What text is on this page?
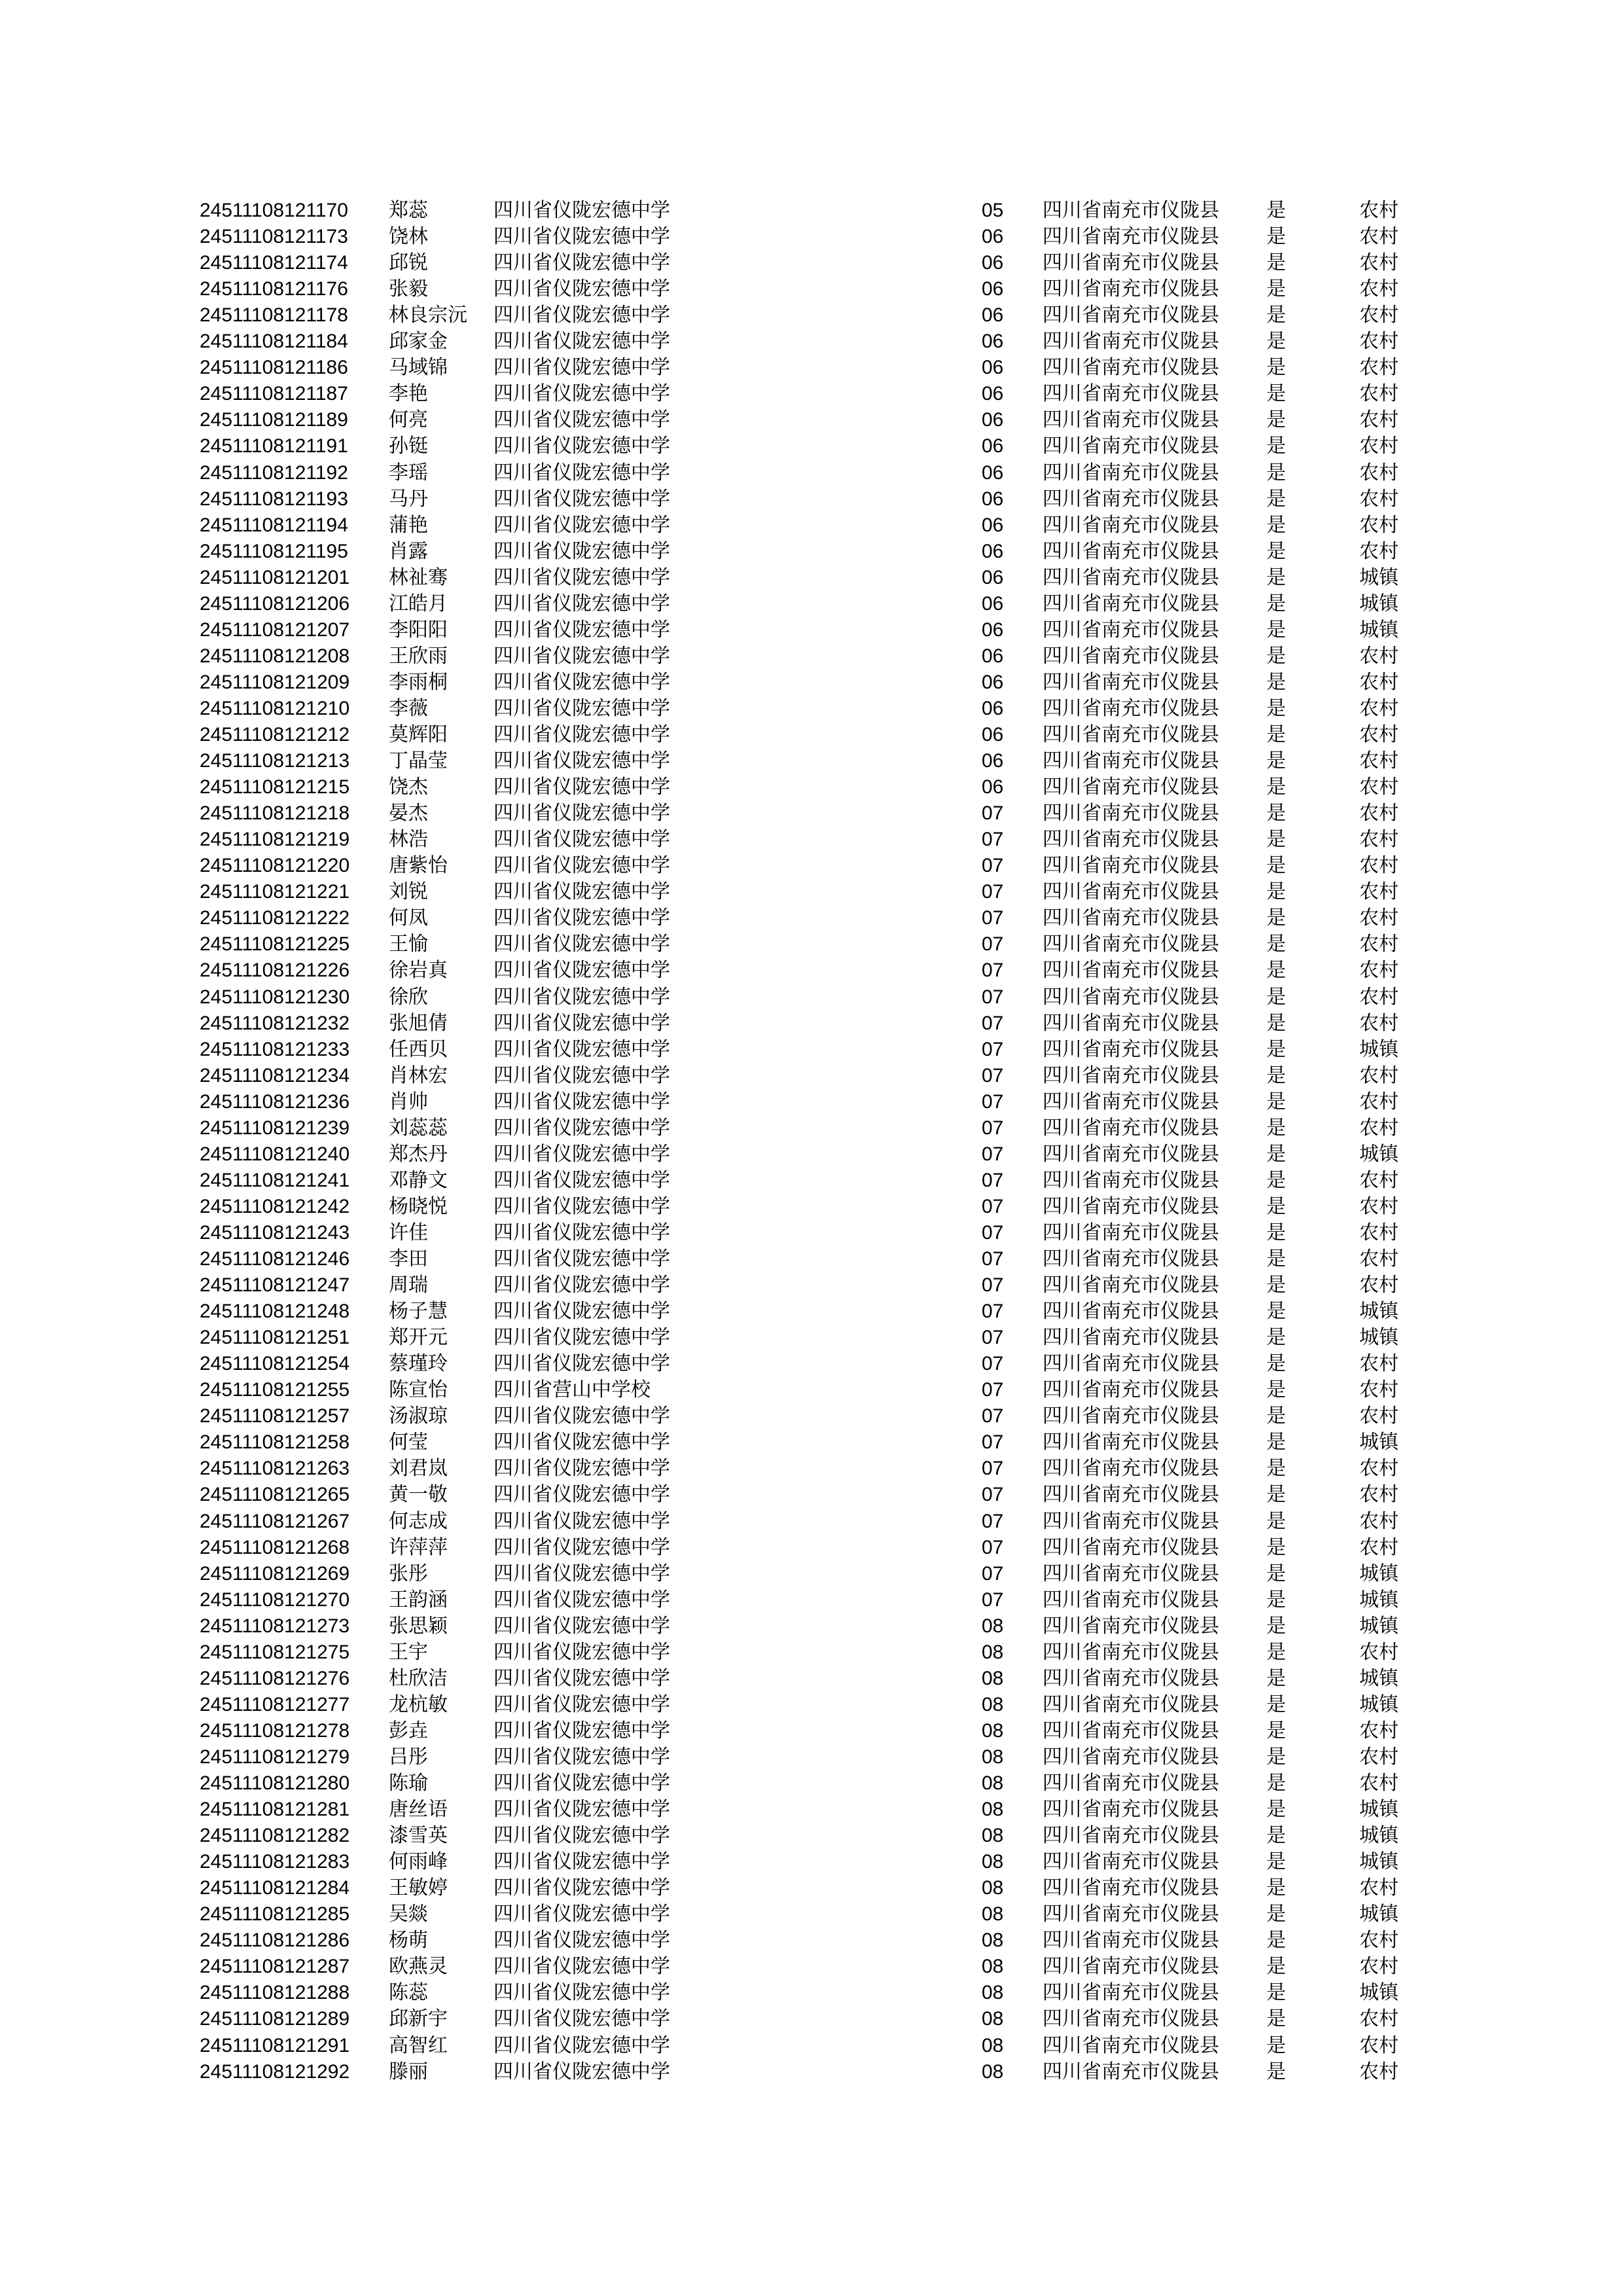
24511108121170 郑蕊	四川省仪陇宏德中学	05 四川省南充市仪陇县 是	农村
24511108121173 饶林	四川省仪陇宏德中学	06 四川省南充市仪陇县 是	农村
24511108121174 邱锐	四川省仪陇宏德中学	06 四川省南充市仪陇县 是	农村
24511108121176 张毅	四川省仪陇宏德中学	06 四川省南充市仪陇县 是	农村
24511108121178 林良宗沅 四川省仪陇宏德中学	06 四川省南充市仪陇县 是	农村
24511108121184 邱家金 四川省仪陇宏德中学	06 四川省南充市仪陇县 是	农村
24511108121186 马域锦 四川省仪陇宏德中学	06 四川省南充市仪陇县 是	农村
24511108121187 李艳	四川省仪陇宏德中学	06 四川省南充市仪陇县 是	农村
24511108121189 何亮	四川省仪陇宏德中学	06 四川省南充市仪陇县 是	农村
24511108121191 孙铤	四川省仪陇宏德中学	06 四川省南充市仪陇县 是	农村
24511108121192 李瑶	四川省仪陇宏德中学	06 四川省南充市仪陇县 是	农村
24511108121193 马丹	四川省仪陇宏德中学	06 四川省南充市仪陇县 是	农村
24511108121194 蒲艳	四川省仪陇宏德中学	06 四川省南充市仪陇县 是	农村
24511108121195 肖露	四川省仪陇宏德中学	06 四川省南充市仪陇县 是	农村
24511108121201 林祉骞 四川省仪陇宏德中学	06 四川省南充市仪陇县 是	城镇
24511108121206 江皓月 四川省仪陇宏德中学	06 四川省南充市仪陇县 是	城镇
24511108121207 李阳阳 四川省仪陇宏德中学	06 四川省南充市仪陇县 是	城镇
24511108121208 王欣雨 四川省仪陇宏德中学	06 四川省南充市仪陇县 是	农村
24511108121209 李雨桐 四川省仪陇宏德中学	06 四川省南充市仪陇县 是	农村
24511108121210 李薇	四川省仪陇宏德中学	06 四川省南充市仪陇县 是	农村
24511108121212 莫辉阳 四川省仪陇宏德中学	06 四川省南充市仪陇县 是	农村
24511108121213 丁晶莹 四川省仪陇宏德中学	06 四川省南充市仪陇县 是	农村
24511108121215 饶杰	四川省仪陇宏德中学	06 四川省南充市仪陇县 是	农村
24511108121218 晏杰	四川省仪陇宏德中学	07 四川省南充市仪陇县 是	农村
24511108121219 林浩	四川省仪陇宏德中学	07 四川省南充市仪陇县 是	农村
24511108121220 唐紫怡 四川省仪陇宏德中学	07 四川省南充市仪陇县 是	农村
24511108121221 刘锐	四川省仪陇宏德中学	07 四川省南充市仪陇县 是	农村
24511108121222 何凤	四川省仪陇宏德中学	07 四川省南充市仪陇县 是	农村
24511108121225 王愉	四川省仪陇宏德中学	07 四川省南充市仪陇县 是	农村
24511108121226 徐岩真 四川省仪陇宏德中学	07 四川省南充市仪陇县 是	农村
24511108121230 徐欣	四川省仪陇宏德中学	07 四川省南充市仪陇县 是	农村
24511108121232 张旭倩 四川省仪陇宏德中学	07 四川省南充市仪陇县 是	农村
24511108121233 任西贝 四川省仪陇宏德中学	07 四川省南充市仪陇县 是	城镇
24511108121234 肖林宏 四川省仪陇宏德中学	07 四川省南充市仪陇县 是	农村
24511108121236 肖帅	四川省仪陇宏德中学	07 四川省南充市仪陇县 是	农村
24511108121239 刘蕊蕊 四川省仪陇宏德中学	07 四川省南充市仪陇县 是	农村
24511108121240 郑杰丹 四川省仪陇宏德中学	07 四川省南充市仪陇县 是	城镇
24511108121241 邓静文 四川省仪陇宏德中学	07 四川省南充市仪陇县 是	农村
24511108121242 杨晓悦 四川省仪陇宏德中学	07 四川省南充市仪陇县 是	农村
24511108121243 许佳	四川省仪陇宏德中学	07 四川省南充市仪陇县 是	农村
24511108121246 李田	四川省仪陇宏德中学	07 四川省南充市仪陇县 是	农村
24511108121247 周瑞	四川省仪陇宏德中学	07 四川省南充市仪陇县 是	农村
24511108121248 杨子慧 四川省仪陇宏德中学	07 四川省南充市仪陇县 是	城镇
24511108121251 郑开元 四川省仪陇宏德中学	07 四川省南充市仪陇县 是	城镇
24511108121254 蔡瑾玲 四川省仪陇宏德中学	07 四川省南充市仪陇县 是	农村
24511108121255 陈宣怡 四川省营山中学校	07 四川省南充市仪陇县 是	农村
24511108121257 汤淑琼 四川省仪陇宏德中学	07 四川省南充市仪陇县 是	农村
24511108121258 何莹	四川省仪陇宏德中学	07 四川省南充市仪陇县 是	城镇
24511108121263 刘君岚 四川省仪陇宏德中学	07 四川省南充市仪陇县 是	农村
24511108121265 黄一敬 四川省仪陇宏德中学	07 四川省南充市仪陇县 是	农村
24511108121267 何志成 四川省仪陇宏德中学	07 四川省南充市仪陇县 是	农村
24511108121268 许萍萍 四川省仪陇宏德中学	07 四川省南充市仪陇县 是	农村
24511108121269 张彤	四川省仪陇宏德中学	07 四川省南充市仪陇县 是	城镇
24511108121270 王韵涵 四川省仪陇宏德中学	07 四川省南充市仪陇县 是	城镇
24511108121273 张思颖 四川省仪陇宏德中学	08 四川省南充市仪陇县 是	城镇
24511108121275 王宇	四川省仪陇宏德中学	08 四川省南充市仪陇县 是	农村
24511108121276 杜欣洁 四川省仪陇宏德中学	08 四川省南充市仪陇县 是	城镇
24511108121277 龙杭敏 四川省仪陇宏德中学	08 四川省南充市仪陇县 是	城镇
24511108121278 彭垚	四川省仪陇宏德中学	08 四川省南充市仪陇县 是	农村
24511108121279 吕彤	四川省仪陇宏德中学	08 四川省南充市仪陇县 是	农村
24511108121280 陈瑜	四川省仪陇宏德中学	08 四川省南充市仪陇县 是	农村
24511108121281 唐丝语 四川省仪陇宏德中学	08 四川省南充市仪陇县 是	城镇
24511108121282 漆雪英 四川省仪陇宏德中学	08 四川省南充市仪陇县 是	城镇
24511108121283 何雨峰 四川省仪陇宏德中学	08 四川省南充市仪陇县 是	城镇
24511108121284 王敏婷 四川省仪陇宏德中学	08 四川省南充市仪陇县 是	农村
24511108121285 吴燚	四川省仪陇宏德中学	08 四川省南充市仪陇县 是	城镇
24511108121286 杨萌	四川省仪陇宏德中学	08 四川省南充市仪陇县 是	农村
24511108121287 欧燕灵 四川省仪陇宏德中学	08 四川省南充市仪陇县 是	农村
24511108121288 陈蕊	四川省仪陇宏德中学	08 四川省南充市仪陇县 是	城镇
24511108121289 邱新宇 四川省仪陇宏德中学	08 四川省南充市仪陇县 是	农村
24511108121291 高智红 四川省仪陇宏德中学	08 四川省南充市仪陇县 是	农村
24511108121292 滕丽	四川省仪陇宏德中学	08 四川省南充市仪陇县 是	农村
